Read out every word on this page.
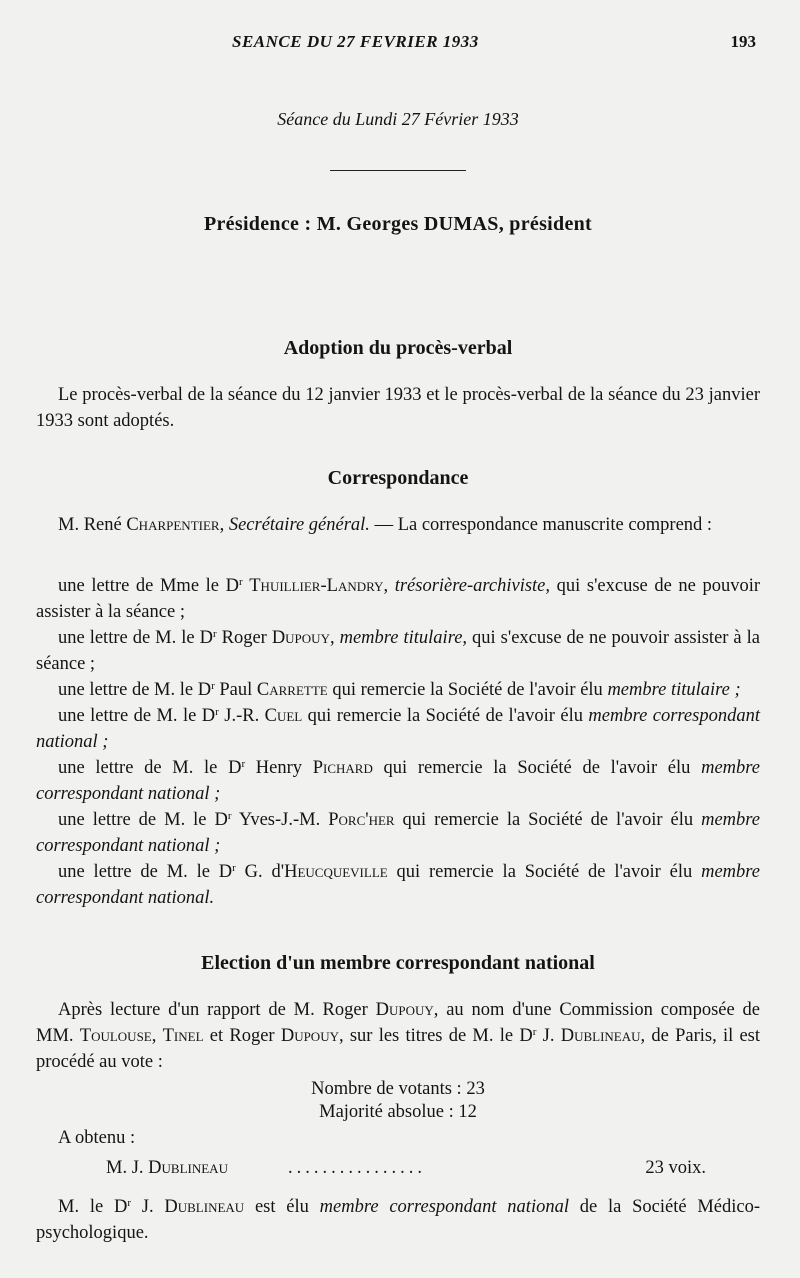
SEANCE DU 27 FEVRIER 1933	193
Séance du Lundi 27 Février 1933
Présidence : M. Georges DUMAS, président
Adoption du procès-verbal
Le procès-verbal de la séance du 12 janvier 1933 et le procès-verbal de la séance du 23 janvier 1933 sont adoptés.
Correspondance
M. René Charpentier, Secrétaire général. — La correspondance manuscrite comprend :
une lettre de Mme le $D^r$ Thuillier-Landry, trésorière-archiviste, qui s'excuse de ne pouvoir assister à la séance ;
une lettre de M. le $D^r$ Roger Dupouy, membre titulaire, qui s'excuse de ne pouvoir assister à la séance ;
une lettre de M. le $D^r$ Paul Carrette qui remercie la Société de l'avoir élu membre titulaire ;
une lettre de M. le $D^r$ J.-R. Cuel qui remercie la Société de l'avoir élu membre correspondant national ;
une lettre de M. le $D^r$ Henry Pichard qui remercie la Société de l'avoir élu membre correspondant national ;
une lettre de M. le $D^r$ Yves-J.-M. Porc'her qui remercie la Société de l'avoir élu membre correspondant national ;
une lettre de M. le $D^r$ G. d'Heucqueville qui remercie la Société de l'avoir élu membre correspondant national.
Election d'un membre correspondant national
Après lecture d'un rapport de M. Roger Dupouy, au nom d'une Commission composée de MM. Toulouse, Tinel et Roger Dupouy, sur les titres de M. le $D^r$ J. Dublineau, de Paris, il est procédé au vote :
Nombre de votants : 23
Majorité absolue : 12
A obtenu :
M. J. Dublineau	................	23 voix.
M. le $D^r$ J. Dublineau est élu membre correspondant national de la Société Médico-psychologique.
